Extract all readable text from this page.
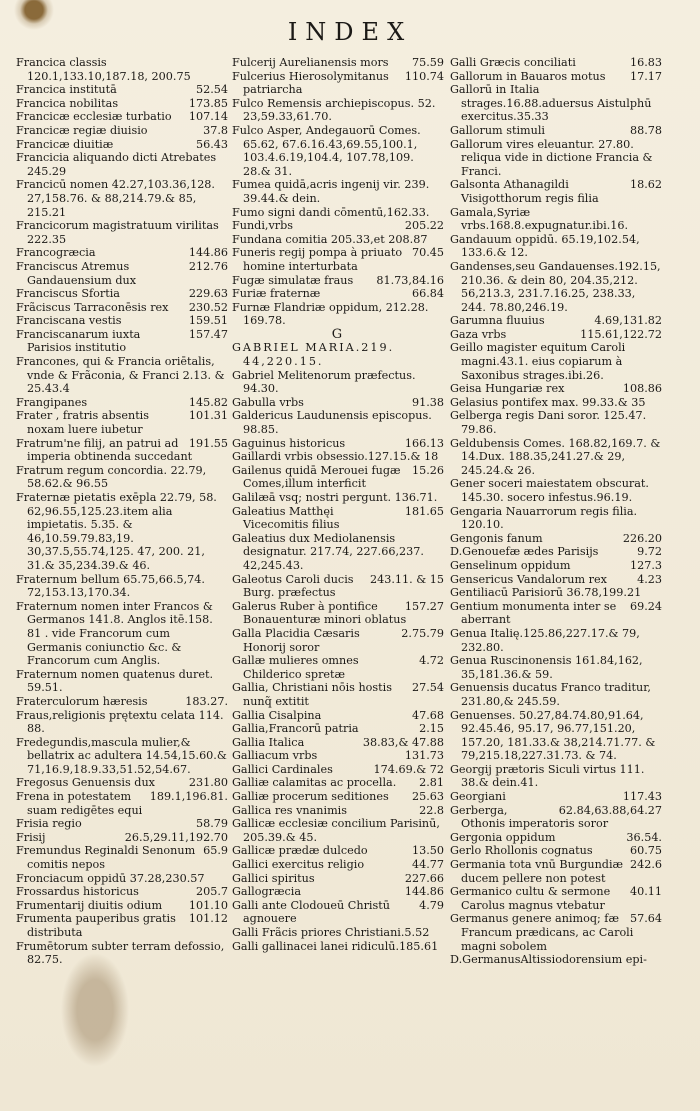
INDEX
Francica classis 120.1,133.10,187.18, 200.75
52.54
Francica institutā
173.85
Francica nobilitas
107.14
Francicæ ecclesiæ turbatio
37.8
Francicæ regiæ diuisio
56.43
Francicæ diuitiæ
Francicia aliquando dicti Atrebates 245.29
Francicū nomen 42.27,103.36,128. 27,158.76. & 88,214.79.& 85, 215.21
Francicorum magistratuum virilitas 222.35
144.86
Francogræcia
212.76
Franciscus Atremus Gandauensium dux
229.63
Franciscus Sfortia
230.52
Frãciscus Tarraconēsis rex
159.51
Franciscana vestis
157.47
Franciscanarum iuxta Parisios institutio
Francones, qui & Francia oriētalis, vnde & Frãconia, & Franci 2.13. & 25.43.4
145.82
Frangipanes
101.31
Frater , fratris absentis noxam luere iubetur
191.55
Fratrum'ne filij, an patrui ad imperia obtinenda succedant
Fratrum regum concordia. 22.79, 58.62.& 96.55
Fraternæ pietatis exēpla 22.79, 58. 62,96.55,125.23.item alia impietatis. 5.35. & 46,10.59.79.83,19. 30,37.5,55.74,125. 47, 200. 21, 31.& 35,234.39.& 46.
Fraternum bellum 65.75,66.5,74. 72,153.13,170.34.
Fraternum nomen inter Francos & Germanos 141.8. Anglos itē.158. 81 . vide Francorum cum Germanis coniunctio &c. & Francorum cum Anglis.
Fraternum nomen quatenus duret. 59.51.
183.27.
Fraterculorum hæresis
Fraus,religionis prętextu celata 114. 88.
Fredegundis,mascula mulier,& bellatrix ac adultera 14.54,15.60.& 71,16.9,18.9.33,51.52,54.67.
231.80
Fregosus Genuensis dux
189.1,196.81.
Frena in potestatem suam redigētes equi
58.79
Frisia regio
26.5,29.11,192.70
Frisij
65.9
Fremundus Reginaldi Senonum comitis nepos
Fronciacum oppidū 37.28,230.57
205.7
Frossardus historicus
101.10
Frumentarij diuitis odium
101.12
Frumenta pauperibus gratis distributa
Frumētorum subter terram defossio, 82.75.
75.59
Fulcerij Aurelianensis mors
110.74
Fulcerius Hierosolymitanus patriarcha
Fulco Remensis archiepiscopus. 52. 23,59.33,61.70.
Fulco Asper, Andegauorū Comes. 65.62, 67.6.16.43,69.55,100.1, 103.4.6.19,104.4, 107.78,109. 28.& 31.
Fumea quidā,acris ingenij vir. 239. 39.44.& dein.
Fumo signi dandi cōmentū,162.33.
205.22
Fundi,vrbs
Fundana comitia 205.33,et 208.87
70.45
Funeris regij pompa à priuato homine interturbata
81.73,84.16
Fugæ simulatæ fraus
66.84
Furiæ fraternæ
Furnæ Flandriæ oppidum, 212.28. 169.78.
G
GABRIEL MARIA.219. 44,220.15.
Gabriel Melitenorum præfectus. 94.30.
91.38
Gabulla vrbs
Galdericus Laudunensis episcopus. 98.85.
166.13
Gaguinus historicus
Gaillardi vrbis obsessio.127.15.& 18
15.26
Gailenus quidā Merouei fugæ Comes,illum interficit
Galilæā vsq; nostri pergunt. 136.71.
181.65
Galeatius Matthęi Vicecomitis filius
Galeatius dux Mediolanensis designatur. 217.74, 227.66,237. 42,245.43.
243.11. & 15
Galeotus Caroli ducis Burg. præfectus
157.27
Galerus Ruber à pontifice Bonauenturæ minori oblatus
2.75.79
Galla Placidia Cæsaris Honorij soror
4.72
Gallæ mulieres omnes Childerico spretæ
27.54
Gallia, Christiani nōis hostis nunq̃ extitit
47.68
Gallia Cisalpina
2.15
Gallia,Francorū patria
38.83,& 47.88
Gallia Italica
131.73
Galliacum vrbs
174.69.& 72
Gallici Cardinales
2.81
Galliæ calamitas ac procella.
25.63
Galliæ procerum seditiones
22.8
Gallica res vnanimis
Gallicæ ecclesiæ concilium Parisinū, 205.39.& 45.
13.50
Gallicæ prædæ dulcedo
44.77
Gallici exercitus religio
227.66
Gallici spiritus
144.86
Gallogræcia
4.79
Galli ante Clodoueū Christū agnouere
Galli Frãcis priores Christiani.5.52
Galli gallinacei lanei ridiculū.185.61
16.83
Galli Græcis conciliati
17.17
Gallorum in Bauaros motus
Gallorū in Italia strages.16.88.aduersus Aistulphū exercitus.35.33
88.78
Gallorum stimuli
Gallorum vires eleuantur. 27.80. reliqua vide in dictione Francia & Franci.
18.62
Galsonta Athanagildi Visigotthorum regis filia
Gamala,Syriæ vrbs.168.8.expugnatur.ibi.16.
Gandauum oppidū. 65.19,102.54, 133.6.& 12.
Gandenses,seu Gandauenses.192.15, 210.36. & dein 80, 204.35,212. 56,213.3, 231.7.16.25, 238.33, 244. 78.80,246.19.
4.69,131.82
Garumna fluuius
115.61,122.72
Gaza vrbs
Geillo magister equitum Caroli magni.43.1. eius copiarum à Saxonibus strages.ibi.26.
108.86
Geisa Hungariæ rex
Gelasius pontifex max. 99.33.& 35
Gelberga regis Dani soror. 125.47. 79.86.
Geldubensis Comes. 168.82,169.7. & 14.Dux. 188.35,241.27.& 29, 245.24.& 26.
Gener soceri maiestatem obscurat. 145.30. socero infestus.96.19.
Gengaria Nauarrorum regis filia. 120.10.
226.20
Gengonis fanum
9.72
D.Genouefæ ædes Parisijs
127.3
Genselinum oppidum
4.23
Gensericus Vandalorum rex
Gentiliacū Parisiorū 36.78,199.21
69.24
Gentium monumenta inter se aberrant
Genua Italię.125.86,227.17.& 79, 232.80.
Genua Ruscinonensis 161.84,162, 35,181.36.& 59.
Genuensis ducatus Franco traditur, 231.80,& 245.59.
Genuenses. 50.27,84.74.80,91.64, 92.45.46, 95.17, 96.77,151.20, 157.20, 181.33.& 38,214.71.77. & 79,215.18,227.31.73. & 74.
Georgij prætoris Siculi virtus 111. 38.& dein.41.
117.43
Georgiani
62.84,63.88,64.27
Gerberga, Othonis imperatoris soror
36.54.
Gergonia oppidum
60.75
Gerlo Rhollonis cognatus
242.6
Germania tota vnū Burgundiæ ducem pellere non potest
40.11
Germanico cultu & sermone Carolus magnus vtebatur
57.64
Germanus genere animoq; fæ Francum prædicans, ac Caroli magni sobolem
D.GermanusAltissiodorensium epi-
